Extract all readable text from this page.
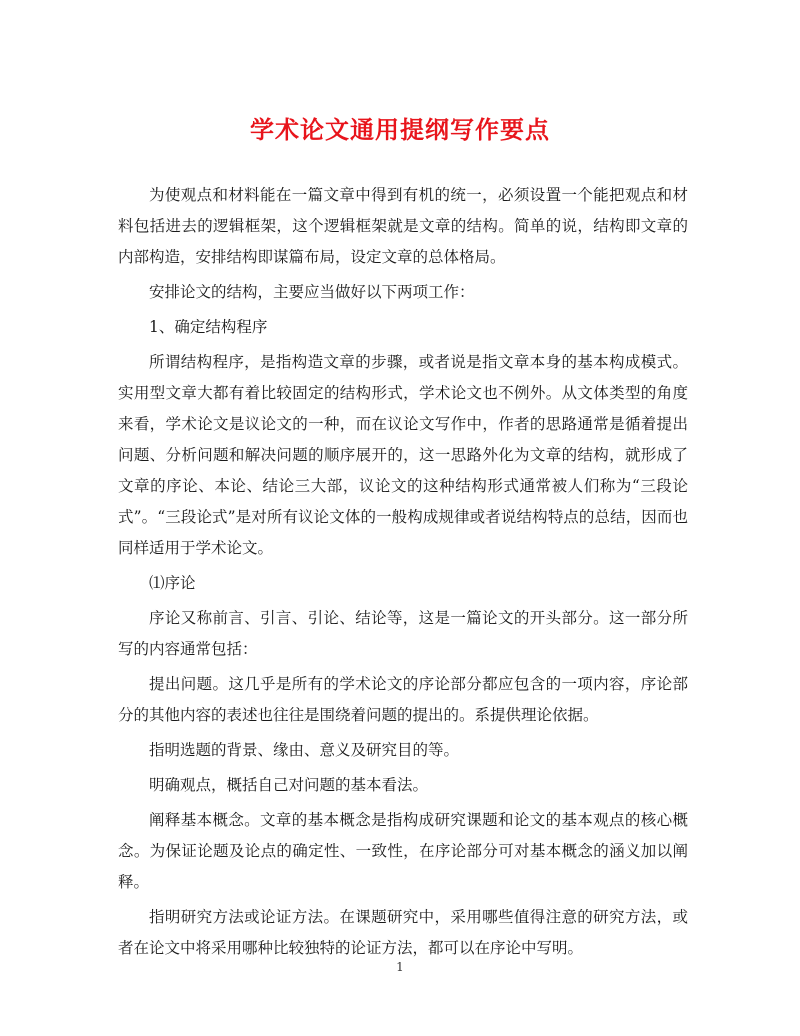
学术论文通用提纲写作要点

为使观点和材料能在一篇文章中得到有机的统一，必须设置一个能把观点和材料包括进去的逻辑框架，这个逻辑框架就是文章的结构。简单的说，结构即文章的内部构造，安排结构即谋篇布局，设定文章的总体格局。

安排论文的结构，主要应当做好以下两项工作：

1、确定结构程序

所谓结构程序，是指构造文章的步骤，或者说是指文章本身的基本构成模式。实用型文章大都有着比较固定的结构形式，学术论文也不例外。从文体类型的角度来看，学术论文是议论文的一种，而在议论文写作中，作者的思路通常是循着提出问题、分析问题和解决问题的顺序展开的，这一思路外化为文章的结构，就形成了文章的序论、本论、结论三大部，议论文的这种结构形式通常被人们称为“三段论式”。“三段论式”是对所有议论文体的一般构成规律或者说结构特点的总结，因而也同样适用于学术论文。

⑴序论

序论又称前言、引言、引论、结论等，这是一篇论文的开头部分。这一部分所写的内容通常包括：

提出问题。这几乎是所有的学术论文的序论部分都应包含的一项内容，序论部分的其他内容的表述也往往是围绕着问题的提出的。系提供理论依据。

指明选题的背景、缘由、意义及研究目的等。

明确观点，概括自己对问题的基本看法。

阐释基本概念。文章的基本概念是指构成研究课题和论文的基本观点的核心概念。为保证论题及论点的确定性、一致性，在序论部分可对基本概念的涵义加以阐释。

指明研究方法或论证方法。在课题研究中，采用哪些值得注意的研究方法，或者在论文中将采用哪种比较独特的论证方法，都可以在序论中写明。

1
